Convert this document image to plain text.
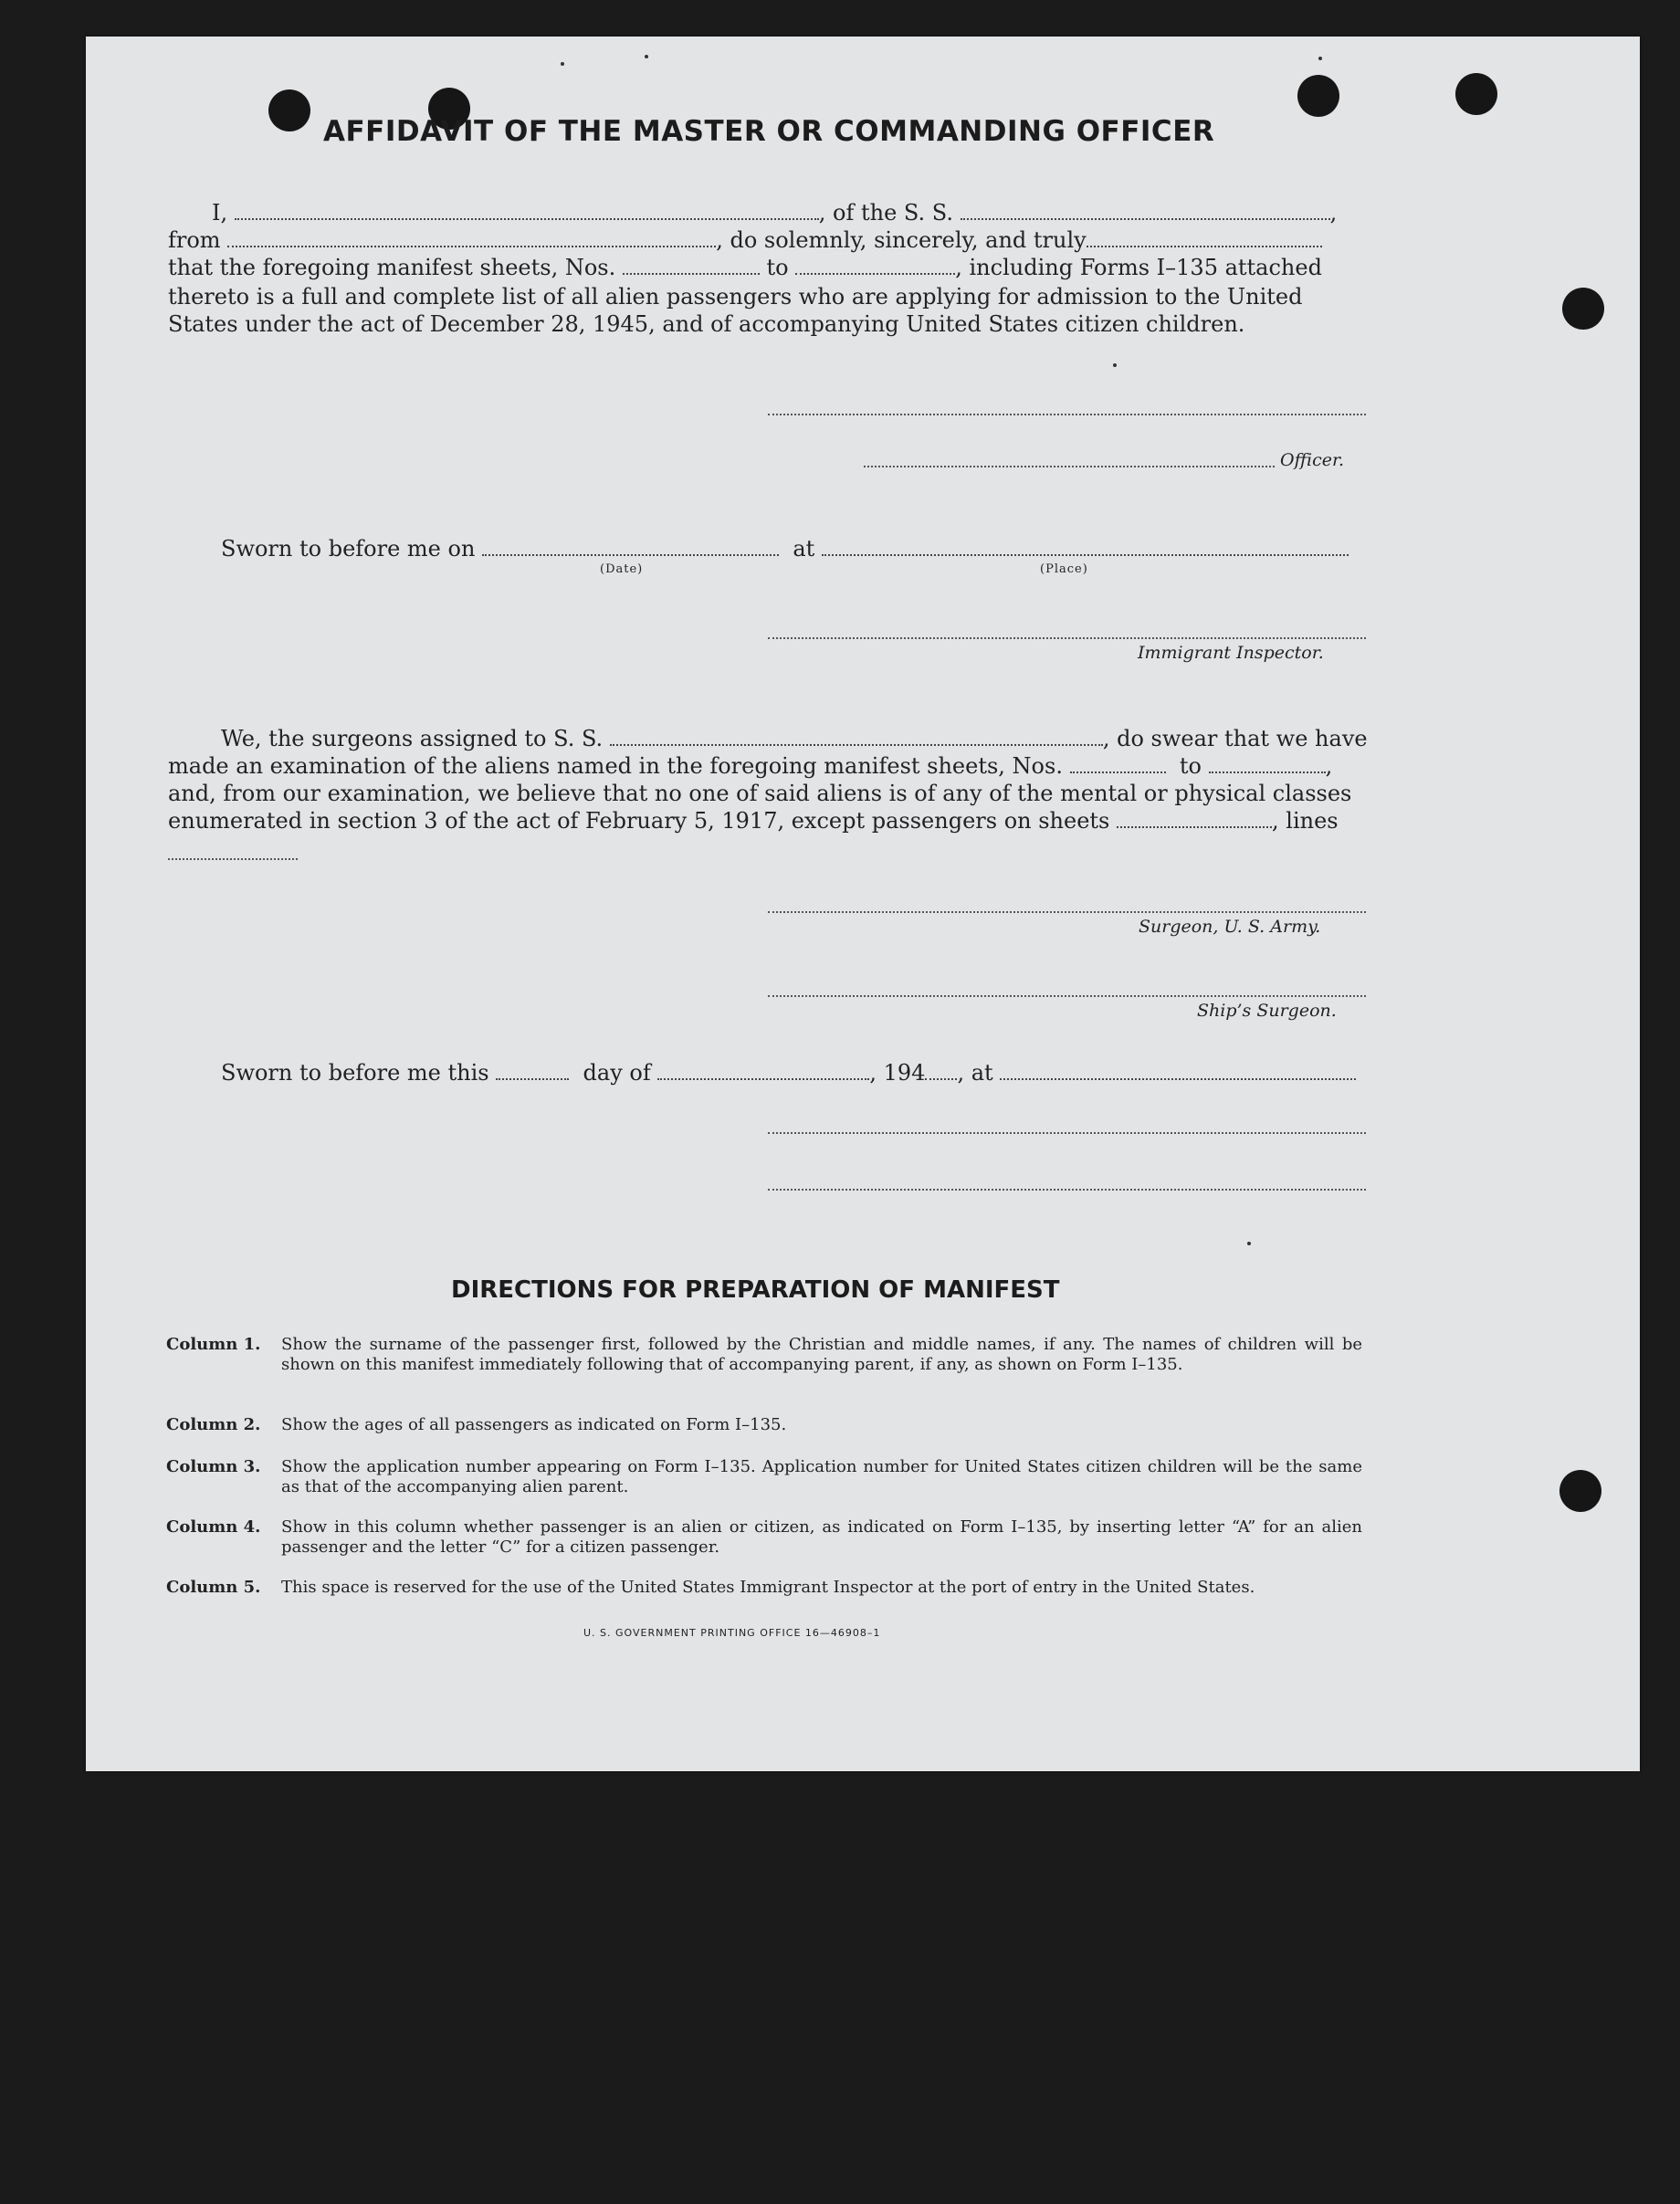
AFFIDAVIT OF THE MASTER OR COMMANDING OFFICER
I,	, of the S. S.	,
from	, do solemnly, sincerely, and truly
that the foregoing manifest sheets, Nos.	to	, including Forms I–135 attached
thereto is a full and complete list of all alien passengers who are applying for admission to the United
States under the act of December 28, 1945, and of accompanying United States citizen children.
Officer.
Sworn to before me on	at
(Date)	(Place)
Immigrant Inspector.
We, the surgeons assigned to S. S.	, do swear that we have
made an examination of the aliens named in the foregoing manifest sheets, Nos.	to	,
and, from our examination, we believe that no one of said aliens is of any of the mental or physical classes
enumerated in section 3 of the act of February 5, 1917, except passengers on sheets	, lines
Surgeon, U. S. Army.
Ship’s Surgeon.
Sworn to before me this	day of	, 194 , at
DIRECTIONS FOR PREPARATION OF MANIFEST
Column 1. Show the surname of the passenger first, followed by the Christian and middle names, if any. The names of children will be shown on this manifest immediately following that of accompanying parent, if any, as shown on Form I–135.
Column 2. Show the ages of all passengers as indicated on Form I–135.
Column 3. Show the application number appearing on Form I–135. Application number for United States citizen children will be the same as that of the accompanying alien parent.
Column 4. Show in this column whether passenger is an alien or citizen, as indicated on Form I–135, by inserting letter “A” for an alien passenger and the letter “C” for a citizen passenger.
Column 5. This space is reserved for the use of the United States Immigrant Inspector at the port of entry in the United States.
U. S. GOVERNMENT PRINTING OFFICE 16—46908–1
